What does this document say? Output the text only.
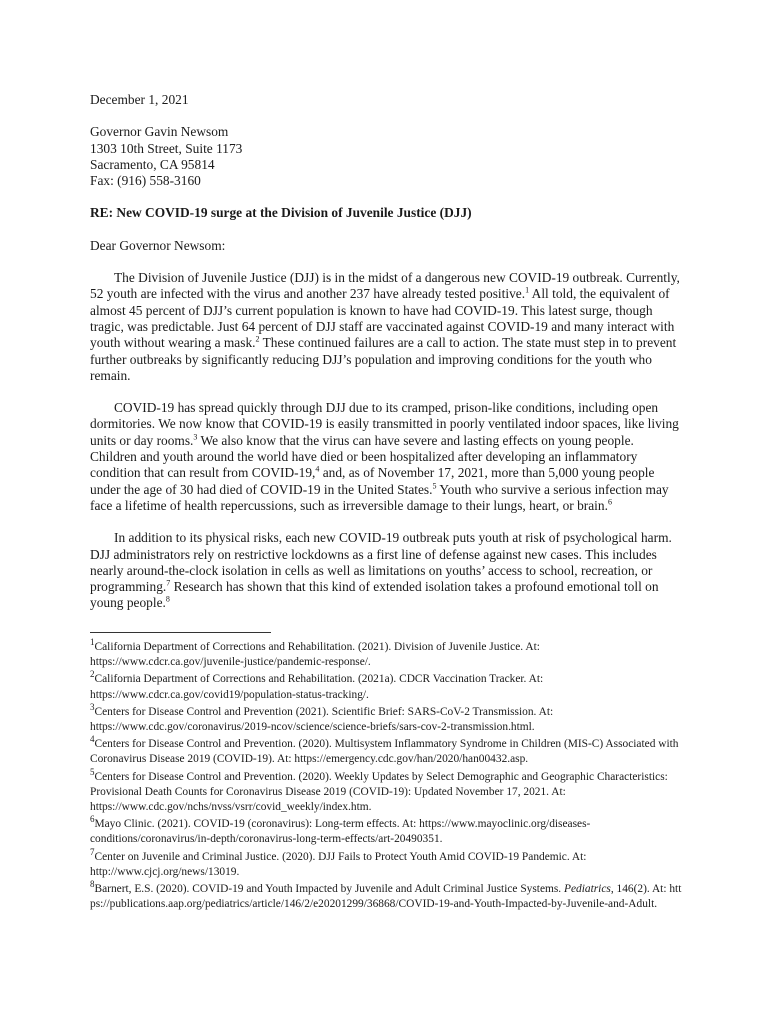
December 1, 2021

Governor Gavin Newsom

1303 10th Street, Suite 1173

Sacramento, CA 95814

Fax: (916) 558-3160

RE: New COVID-19 surge at the Division of Juvenile Justice (DJJ)

Dear Governor Newsom:

The Division of Juvenile Justice (DJJ) is in the midst of a dangerous new COVID-19 outbreak. Currently, 52 youth are infected with the virus and another 237 have already tested positive.$^1$ All told, the equivalent of almost 45 percent of DJJ’s current population is known to have had COVID-19. This latest surge, though tragic, was predictable. Just 64 percent of DJJ staff are vaccinated against COVID-19 and many interact with youth without wearing a mask.$^2$ These continued failures are a call to action. The state must step in to prevent further outbreaks by significantly reducing DJJ’s population and improving conditions for the youth who remain.

COVID-19 has spread quickly through DJJ due to its cramped, prison-like conditions, including open dormitories. We now know that COVID-19 is easily transmitted in poorly ventilated indoor spaces, like living units or day rooms.$^3$ We also know that the virus can have severe and lasting effects on young people. Children and youth around the world have died or been hospitalized after developing an inflammatory condition that can result from COVID-19,$^4$ and, as of November 17, 2021, more than 5,000 young people under the age of 30 had died of COVID-19 in the United States.$^5$ Youth who survive a serious infection may face a lifetime of health repercussions, such as irreversible damage to their lungs, heart, or brain.$^6$

In addition to its physical risks, each new COVID-19 outbreak puts youth at risk of psychological harm. DJJ administrators rely on restrictive lockdowns as a first line of defense against new cases. This includes nearly around-the-clock isolation in cells as well as limitations on youths’ access to school, recreation, or programming.$^7$ Research has shown that this kind of extended isolation takes a profound emotional toll on young people.$^8$

$^1$California Department of Corrections and Rehabilitation. (2021). Division of Juvenile Justice. At: https://www.cdcr.ca.gov/juvenile-justice/pandemic-response/.

$^2$California Department of Corrections and Rehabilitation. (2021a). CDCR Vaccination Tracker. At: https://www.cdcr.ca.gov/covid19/population-status-tracking/.

$^3$Centers for Disease Control and Prevention (2021). Scientific Brief: SARS-CoV-2 Transmission. At: https://www.cdc.gov/coronavirus/2019-ncov/science/science-briefs/sars-cov-2-transmission.html.

$^4$Centers for Disease Control and Prevention. (2020). Multisystem Inflammatory Syndrome in Children (MIS-C) Associated with Coronavirus Disease 2019 (COVID-19). At: https://emergency.cdc.gov/han/2020/han00432.asp.

$^5$Centers for Disease Control and Prevention. (2020). Weekly Updates by Select Demographic and Geographic Characteristics: Provisional Death Counts for Coronavirus Disease 2019 (COVID-19): Updated November 17, 2021. At: https://www.cdc.gov/nchs/nvss/vsrr/covid_weekly/index.htm.

$^6$Mayo Clinic. (2021). COVID-19 (coronavirus): Long-term effects. At: https://www.mayoclinic.org/diseases-conditions/coronavirus/in-depth/coronavirus-long-term-effects/art-20490351.

$^7$Center on Juvenile and Criminal Justice. (2020). DJJ Fails to Protect Youth Amid COVID-19 Pandemic. At: http://www.cjcj.org/news/13019.

$^8$Barnert, E.S. (2020). COVID-19 and Youth Impacted by Juvenile and Adult Criminal Justice Systems. Pediatrics, 146(2). At: https://publications.aap.org/pediatrics/article/146/2/e20201299/36868/COVID-19-and-Youth-Impacted-by-Juvenile-and-Adult.
